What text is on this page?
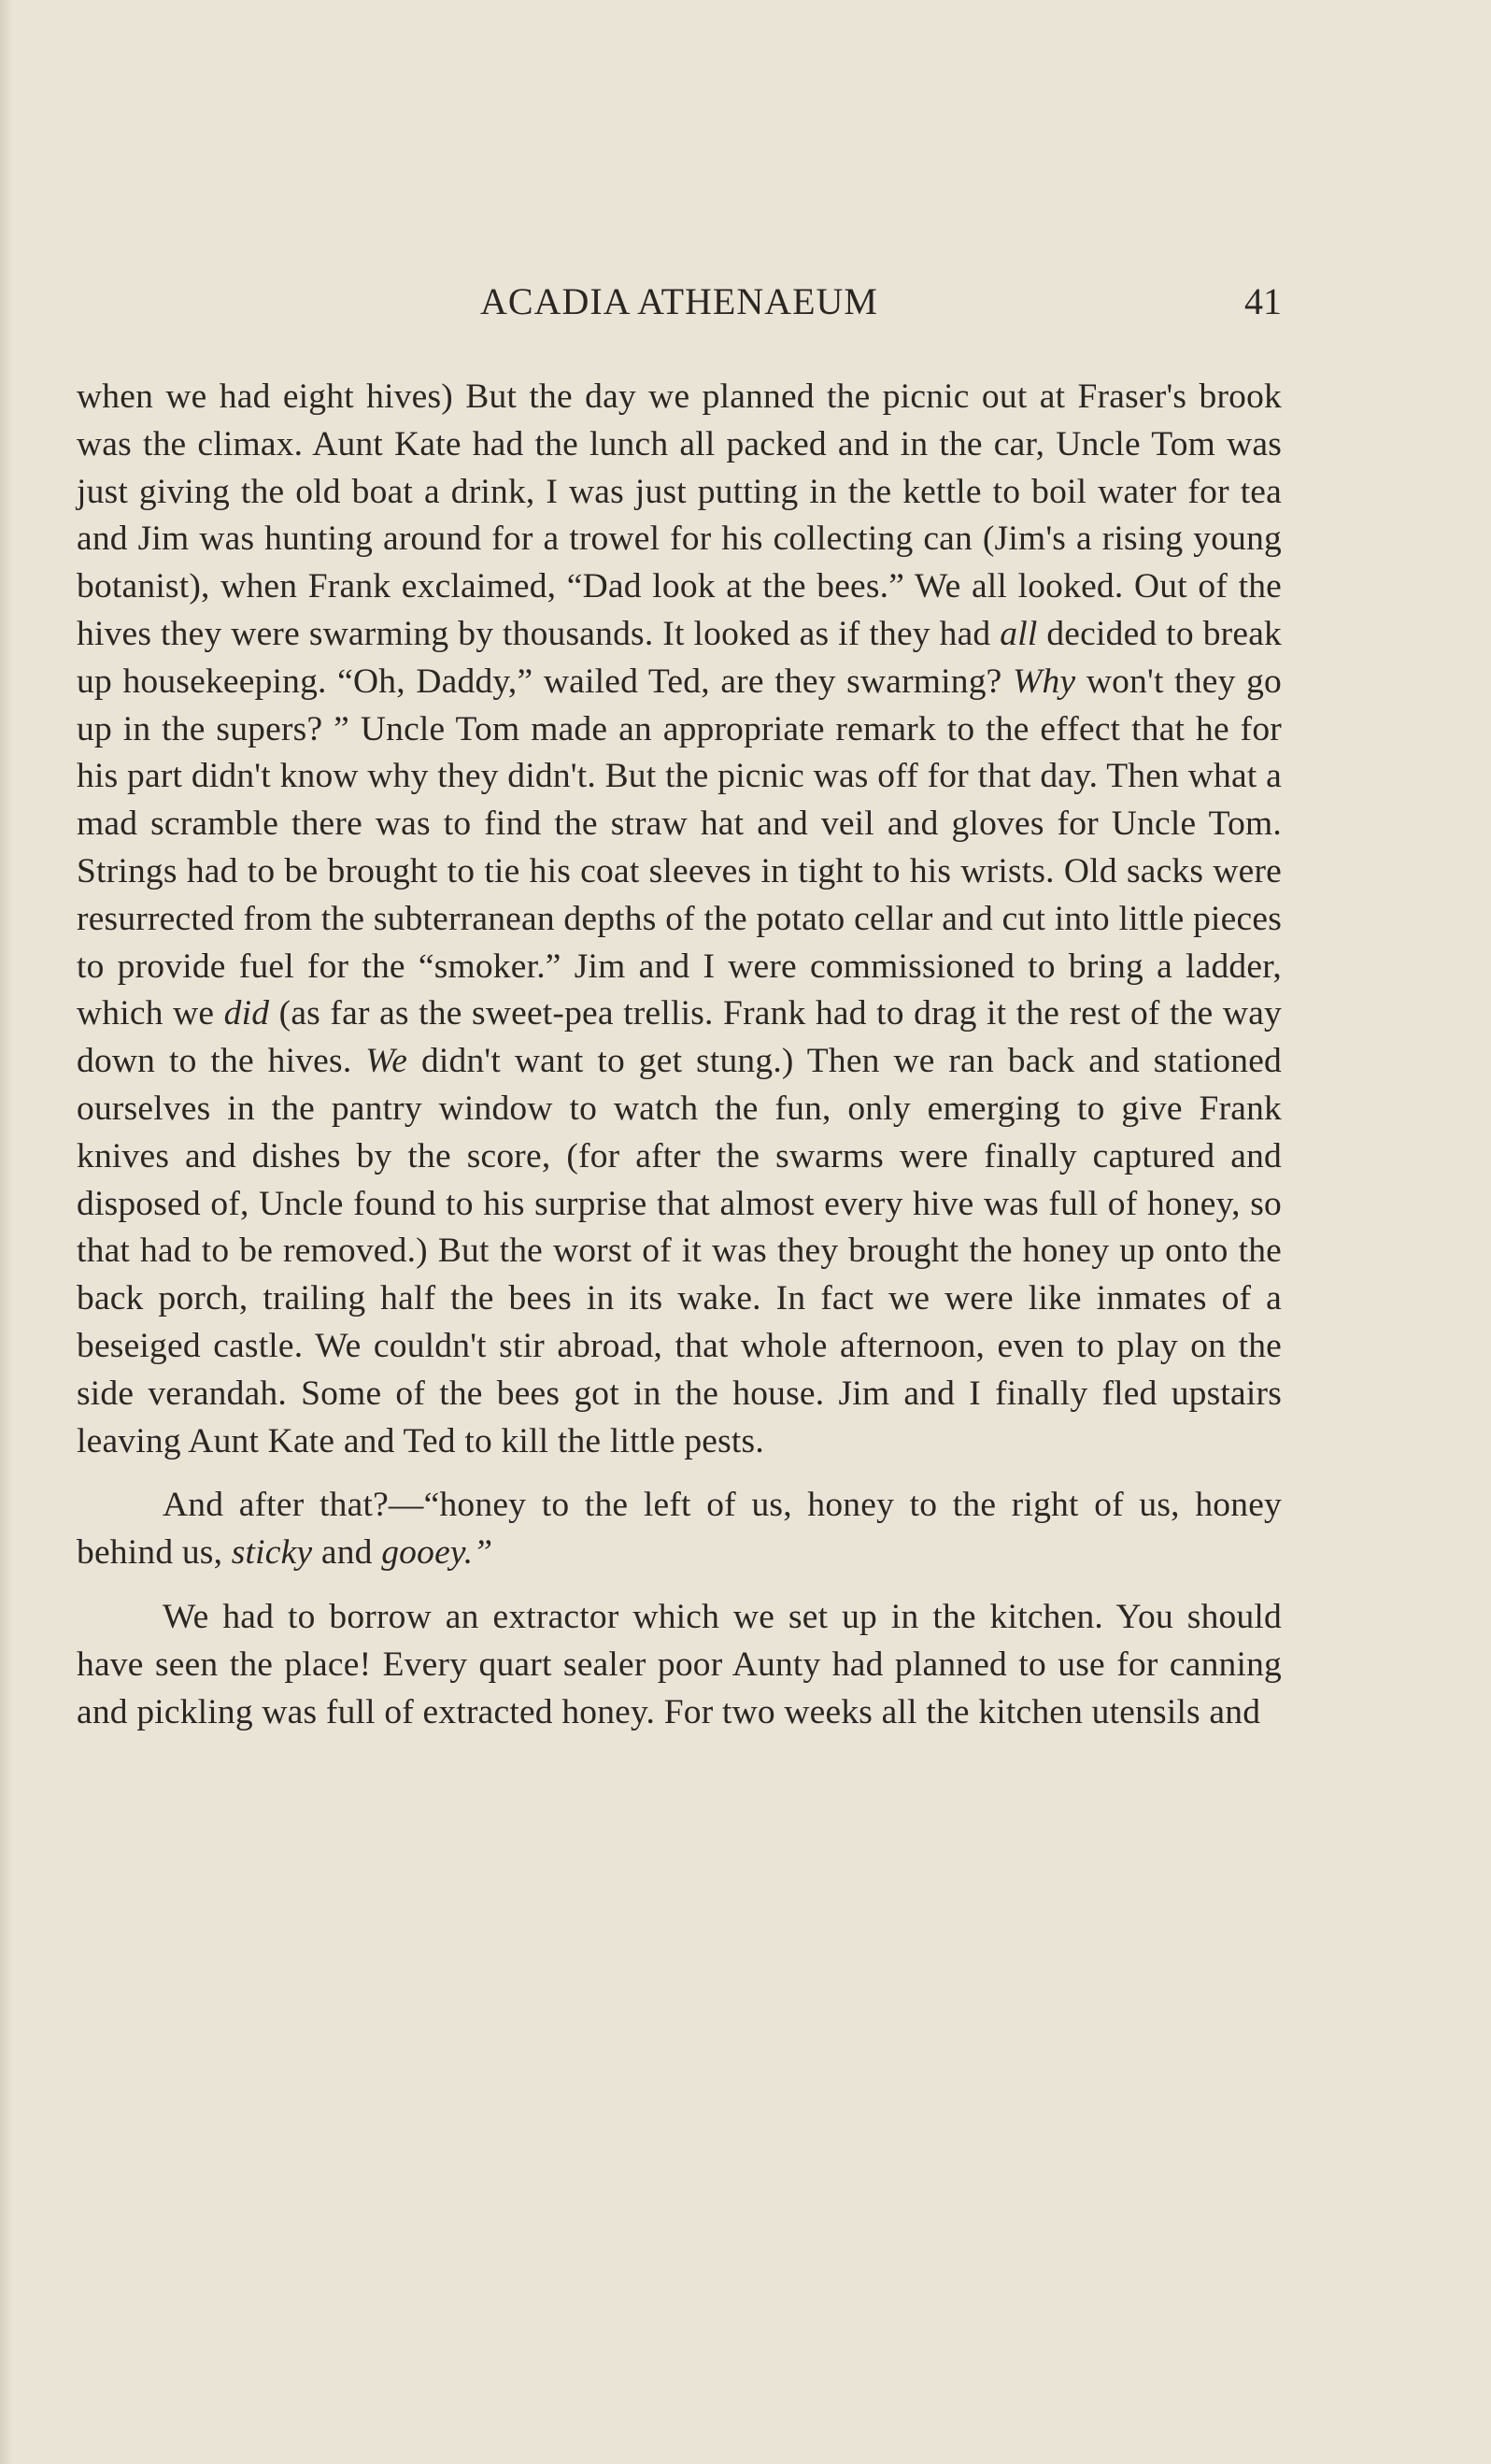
ACADIA ATHENAEUM	41

when we had eight hives) But the day we planned the picnic out at Fraser's brook was the climax. Aunt Kate had the lunch all packed and in the car, Uncle Tom was just giving the old boat a drink, I was just putting in the kettle to boil water for tea and Jim was hunting around for a trowel for his collecting can (Jim's a rising young botanist), when Frank exclaimed, “Dad look at the bees.” We all looked. Out of the hives they were swarming by thousands. It looked as if they had all decided to break up housekeeping. “Oh, Daddy,” wailed Ted, are they swarming? Why won't they go up in the supers? ” Uncle Tom made an appropriate remark to the effect that he for his part didn't know why they didn't. But the picnic was off for that day. Then what a mad scramble there was to find the straw hat and veil and gloves for Uncle Tom. Strings had to be brought to tie his coat sleeves in tight to his wrists. Old sacks were resurrected from the subterranean depths of the potato cellar and cut into little pieces to provide fuel for the “smoker.” Jim and I were commissioned to bring a ladder, which we did (as far as the sweet-pea trellis. Frank had to drag it the rest of the way down to the hives. We didn't want to get stung.) Then we ran back and stationed ourselves in the pantry window to watch the fun, only emerging to give Frank knives and dishes by the score, (for after the swarms were finally captured and disposed of, Uncle found to his surprise that almost every hive was full of honey, so that had to be removed.) But the worst of it was they brought the honey up onto the back porch, trailing half the bees in its wake. In fact we were like inmates of a beseiged castle. We couldn't stir abroad, that whole afternoon, even to play on the side verandah. Some of the bees got in the house. Jim and I finally fled upstairs leaving Aunt Kate and Ted to kill the little pests.

And after that?—“honey to the left of us, honey to the right of us, honey behind us, sticky and gooey.”

We had to borrow an extractor which we set up in the kitchen. You should have seen the place! Every quart sealer poor Aunty had planned to use for canning and pickling was full of extracted honey. For two weeks all the kitchen utensils and
